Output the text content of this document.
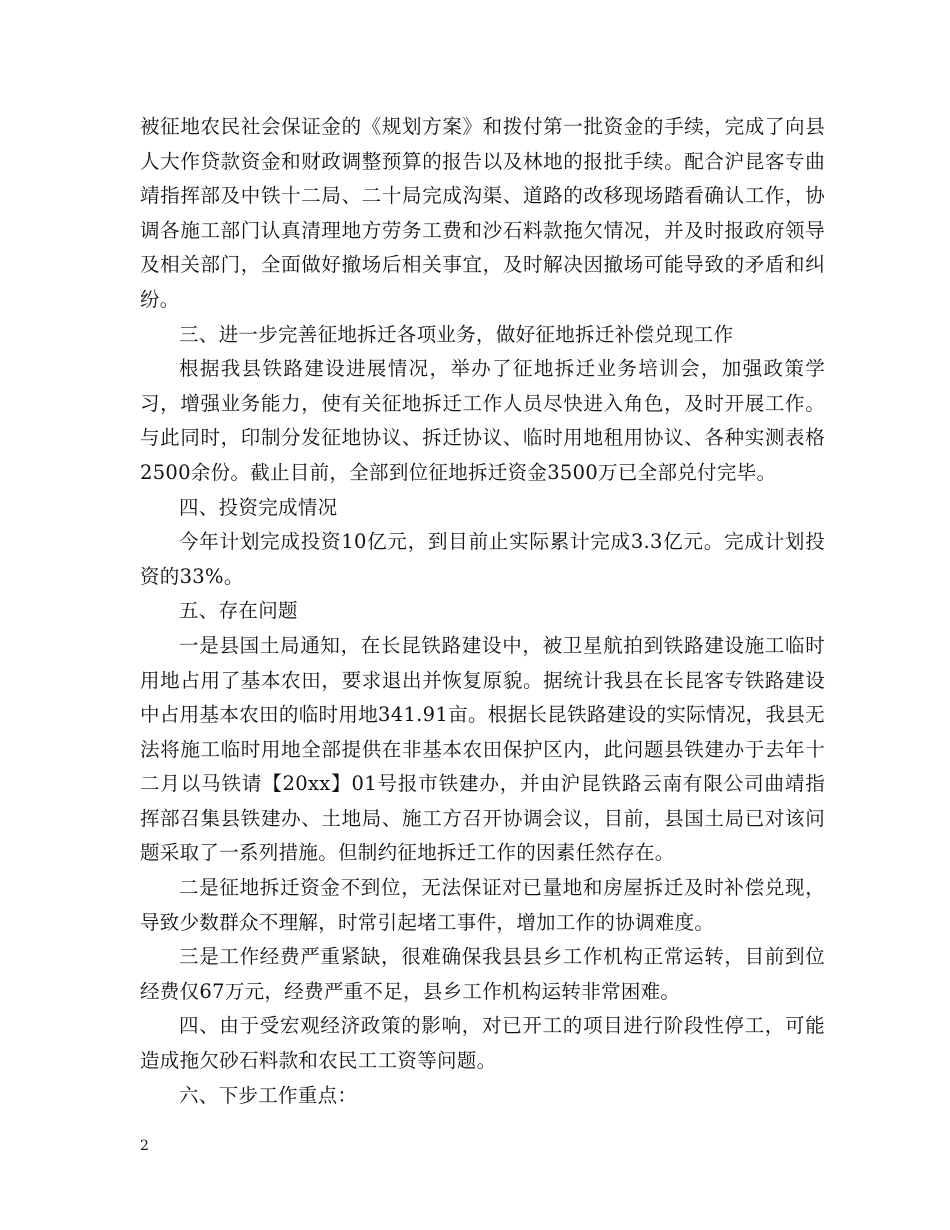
被征地农民社会保证金的《规划方案》和拨付第一批资金的手续，完成了向县人大作贷款资金和财政调整预算的报告以及林地的报批手续。配合沪昆客专曲靖指挥部及中铁十二局、二十局完成沟渠、道路的改移现场踏看确认工作，协调各施工部门认真清理地方劳务工费和沙石料款拖欠情况，并及时报政府领导及相关部门，全面做好撤场后相关事宜，及时解决因撤场可能导致的矛盾和纠纷。

三、进一步完善征地拆迁各项业务，做好征地拆迁补偿兑现工作

根据我县铁路建设进展情况，举办了征地拆迁业务培训会，加强政策学习，增强业务能力，使有关征地拆迁工作人员尽快进入角色，及时开展工作。与此同时，印制分发征地协议、拆迁协议、临时用地租用协议、各种实测表格2500余份。截止目前，全部到位征地拆迁资金3500万已全部兑付完毕。

四、投资完成情况

今年计划完成投资10亿元，到目前止实际累计完成3.3亿元。完成计划投资的33%。

五、存在问题

一是县国土局通知，在长昆铁路建设中，被卫星航拍到铁路建设施工临时用地占用了基本农田，要求退出并恢复原貌。据统计我县在长昆客专铁路建设中占用基本农田的临时用地341.91亩。根据长昆铁路建设的实际情况，我县无法将施工临时用地全部提供在非基本农田保护区内，此问题县铁建办于去年十二月以马铁请【20xx】01号报市铁建办，并由沪昆铁路云南有限公司曲靖指挥部召集县铁建办、土地局、施工方召开协调会议，目前，县国土局已对该问题采取了一系列措施。但制约征地拆迁工作的因素任然存在。

二是征地拆迁资金不到位，无法保证对已量地和房屋拆迁及时补偿兑现，导致少数群众不理解，时常引起堵工事件，增加工作的协调难度。

三是工作经费严重紧缺，很难确保我县县乡工作机构正常运转，目前到位经费仅67万元，经费严重不足，县乡工作机构运转非常困难。

四、由于受宏观经济政策的影响，对已开工的项目进行阶段性停工，可能造成拖欠砂石料款和农民工工资等问题。

六、下步工作重点：

2
